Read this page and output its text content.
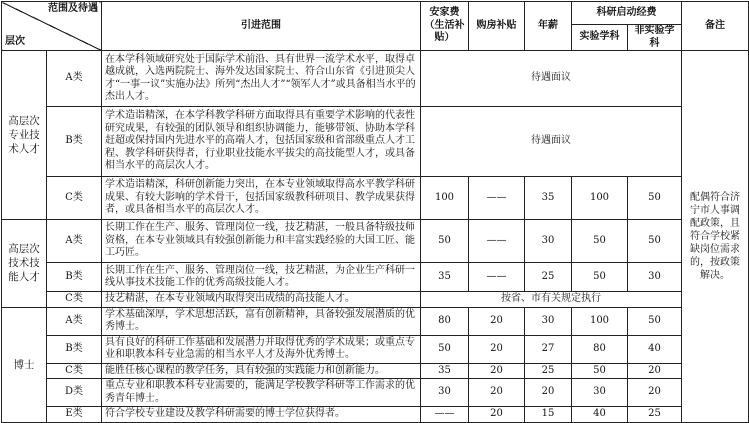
范围及待遇
层次		引进范围	安家费（生活补贴）	购房补贴	年薪	科研启动经费		备注
						实验学科	非实验学科	
高层次专业技术人才	A类	在本学科领域研究处于国际学术前沿、具有世界一流学术水平，取得卓越成就，入选两院院士、海外发达国家院士、符合山东省《引进顶尖人才“一事一议”实施办法》所列“杰出人才”“领军人才”或具备相当水平的杰出人才。	待遇面议					配偶符合济宁市人事调配政策，且符合学校紧缺岗位需求的，按政策解决。
	B类	学术造诣精深，在本学科教学科研方面取得具有重要学术影响的代表性研究成果，有较强的团队领导和组织协调能力，能够带领、协助本学科赶超或保持国内先进水平的高端人才，包括国家级和省部级重点人才工程、教学科研获得者，行业职业技能水平拔尖的高技能型人才，或具备相当水平的高层次人才。	待遇面议					
	C类	学术造诣精深，科研创新能力突出，在本专业领域取得高水平教学科研成果、有较大影响的学术骨干，包括国家级教科研项目、教学成果获得者，或具备相当水平的高层次人才。	100	——	35	100	50	
高层次技术技能人才	A类	长期工作在生产、服务、管理岗位一线，技艺精湛，一般具备特级技师资格，在本专业领域具有较强创新能力和丰富实践经验的大国工匠、能工巧匠。	50	——	30	50	50	
	B类	长期工作在生产、服务、管理岗位一线，技艺精湛，为企业生产科研一线从事技术技能工作的优秀高级技能人才。	35	——	25	50	30	
	C类	技艺精湛，在本专业领域内取得突出成绩的高技能人才。	按省、市有关规定执行					
博士	A类	学术基础深厚，学术思想活跃，富有创新精神，具备较强发展潜质的优秀博士。	80	20	30	100	50	
	B类	具有良好的科研工作基础和发展潜力并取得优秀的学术成果；或重点专业和职教本科专业急需的相当水平人才及海外优秀博士。	50	20	27	80	40	
	C类	能胜任核心课程的教学任务，具有较强的实践能力和创新能力。	35	20	25	50	20	
	D类	重点专业和职教本科专业需要的，能满足学校教学科研等工作需求的优秀青年博士。	30	20	20	30	20	
	E类	符合学校专业建设及教学科研需要的博士学位获得者。	——	20	15	40	25	
